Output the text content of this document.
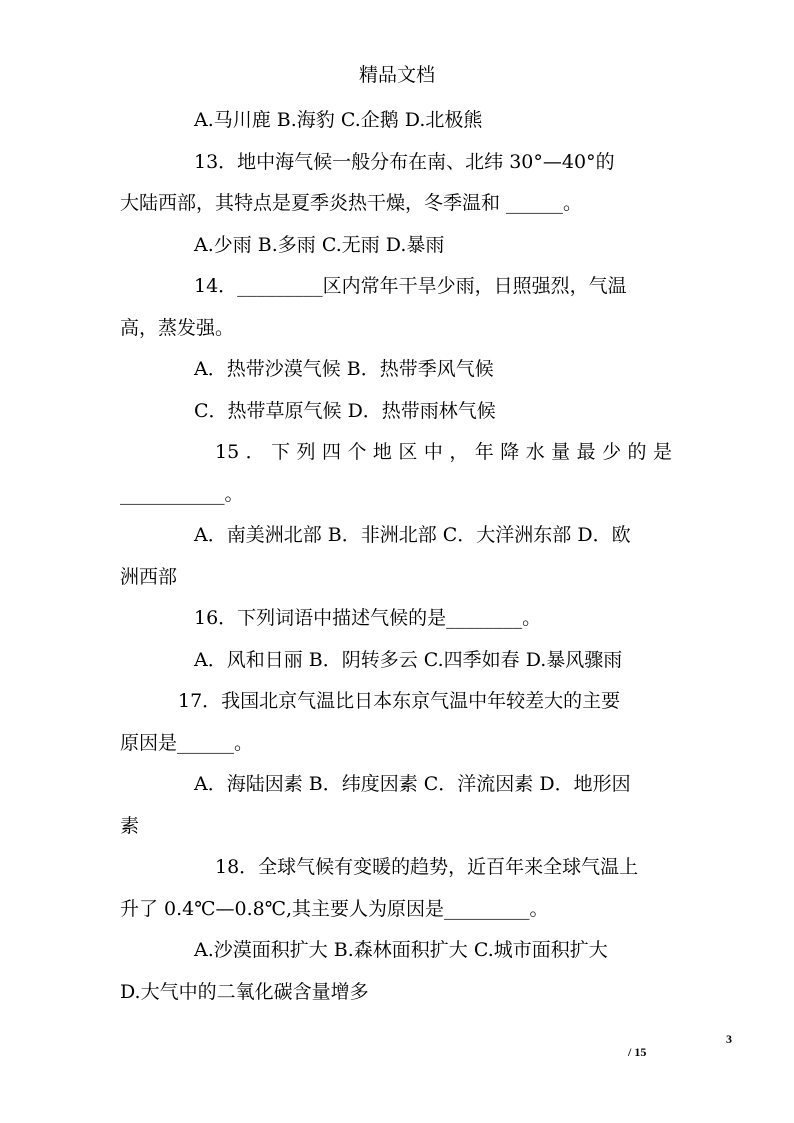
精品文档
A.马川鹿 B.海豹 C.企鹅 D.北极熊
13．地中海气候一般分布在南、北纬 30°—40°的
大陆西部，其特点是夏季炎热干燥，冬季温和 ______。
A.少雨 B.多雨 C.无雨 D.暴雨
14．_________区内常年干旱少雨，日照强烈，气温
高，蒸发强。
A．热带沙漠气候 B．热带季风气候
C．热带草原气候 D．热带雨林气候
15．下列四个地区中，年降水量最少的是
___________。
A．南美洲北部 B．非洲北部 C．大洋洲东部 D．欧
洲西部
16．下列词语中描述气候的是________。
A．风和日丽 B．阴转多云 C.四季如春 D.暴风骤雨
17．我国北京气温比日本东京气温中年较差大的主要
原因是______。
A．海陆因素 B．纬度因素 C．洋流因素 D．地形因
素
18．全球气候有变暖的趋势，近百年来全球气温上
升了 0.4℃—0.8℃,其主要人为原因是_________。
A.沙漠面积扩大 B.森林面积扩大 C.城市面积扩大
D.大气中的二氧化碳含量增多
3
/ 15
